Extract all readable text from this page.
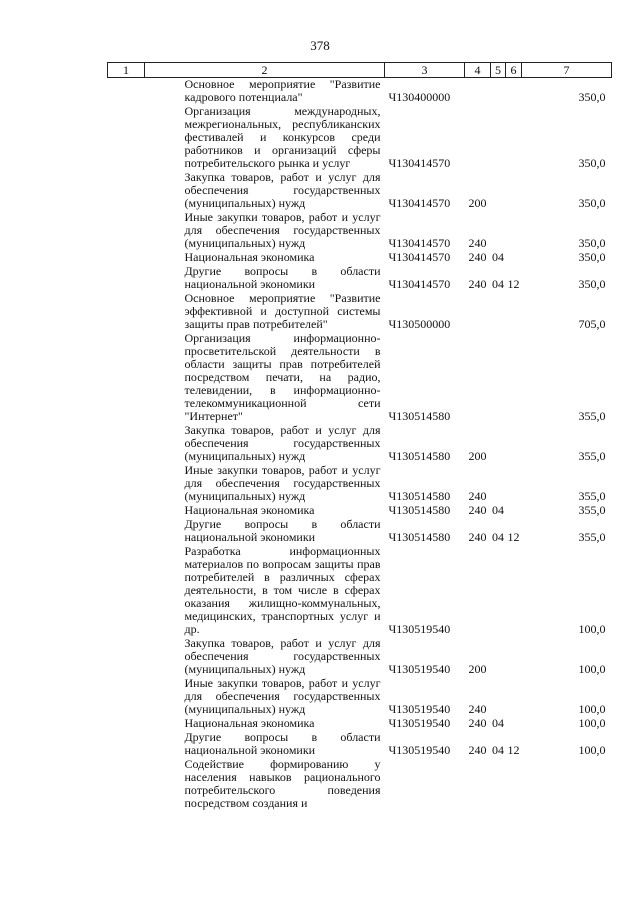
378
1	2	3	4	5	6	7
	Основное мероприятие "Развитие кадрового потенциала"	Ч130400000				350,0
	Организация международных, межрегиональных, республиканских фестивалей и конкурсов среди работников и организаций сферы потребительского рынка и услуг	Ч130414570				350,0
	Закупка товаров, работ и услуг для обеспечения государственных (муниципальных) нужд	Ч130414570	200			350,0
	Иные закупки товаров, работ и услуг для обеспечения государственных (муниципальных) нужд	Ч130414570	240			350,0
	Национальная экономика	Ч130414570	240	04		350,0
	Другие вопросы в области национальной экономики	Ч130414570	240	04	12	350,0
	Основное мероприятие "Развитие эффективной и доступной системы защиты прав потребителей"	Ч130500000				705,0
	Организация информационно-просветительской деятельности в области защиты прав потребителей посредством печати, на радио, телевидении, в информационно-телекоммуникационной сети "Интернет"	Ч130514580				355,0
	Закупка товаров, работ и услуг для обеспечения государственных (муниципальных) нужд	Ч130514580	200			355,0
	Иные закупки товаров, работ и услуг для обеспечения государственных (муниципальных) нужд	Ч130514580	240			355,0
	Национальная экономика	Ч130514580	240	04		355,0
	Другие вопросы в области национальной экономики	Ч130514580	240	04	12	355,0
	Разработка информационных материалов по вопросам защиты прав потребителей в различных сферах деятельности, в том числе в сферах оказания жилищно-коммунальных, медицинских, транспортных услуг и др.	Ч130519540				100,0
	Закупка товаров, работ и услуг для обеспечения государственных (муниципальных) нужд	Ч130519540	200			100,0
	Иные закупки товаров, работ и услуг для обеспечения государственных (муниципальных) нужд	Ч130519540	240			100,0
	Национальная экономика	Ч130519540	240	04		100,0
	Другие вопросы в области национальной экономики	Ч130519540	240	04	12	100,0
	Содействие формированию у населения навыков рационального потребительского поведения посредством создания и					
